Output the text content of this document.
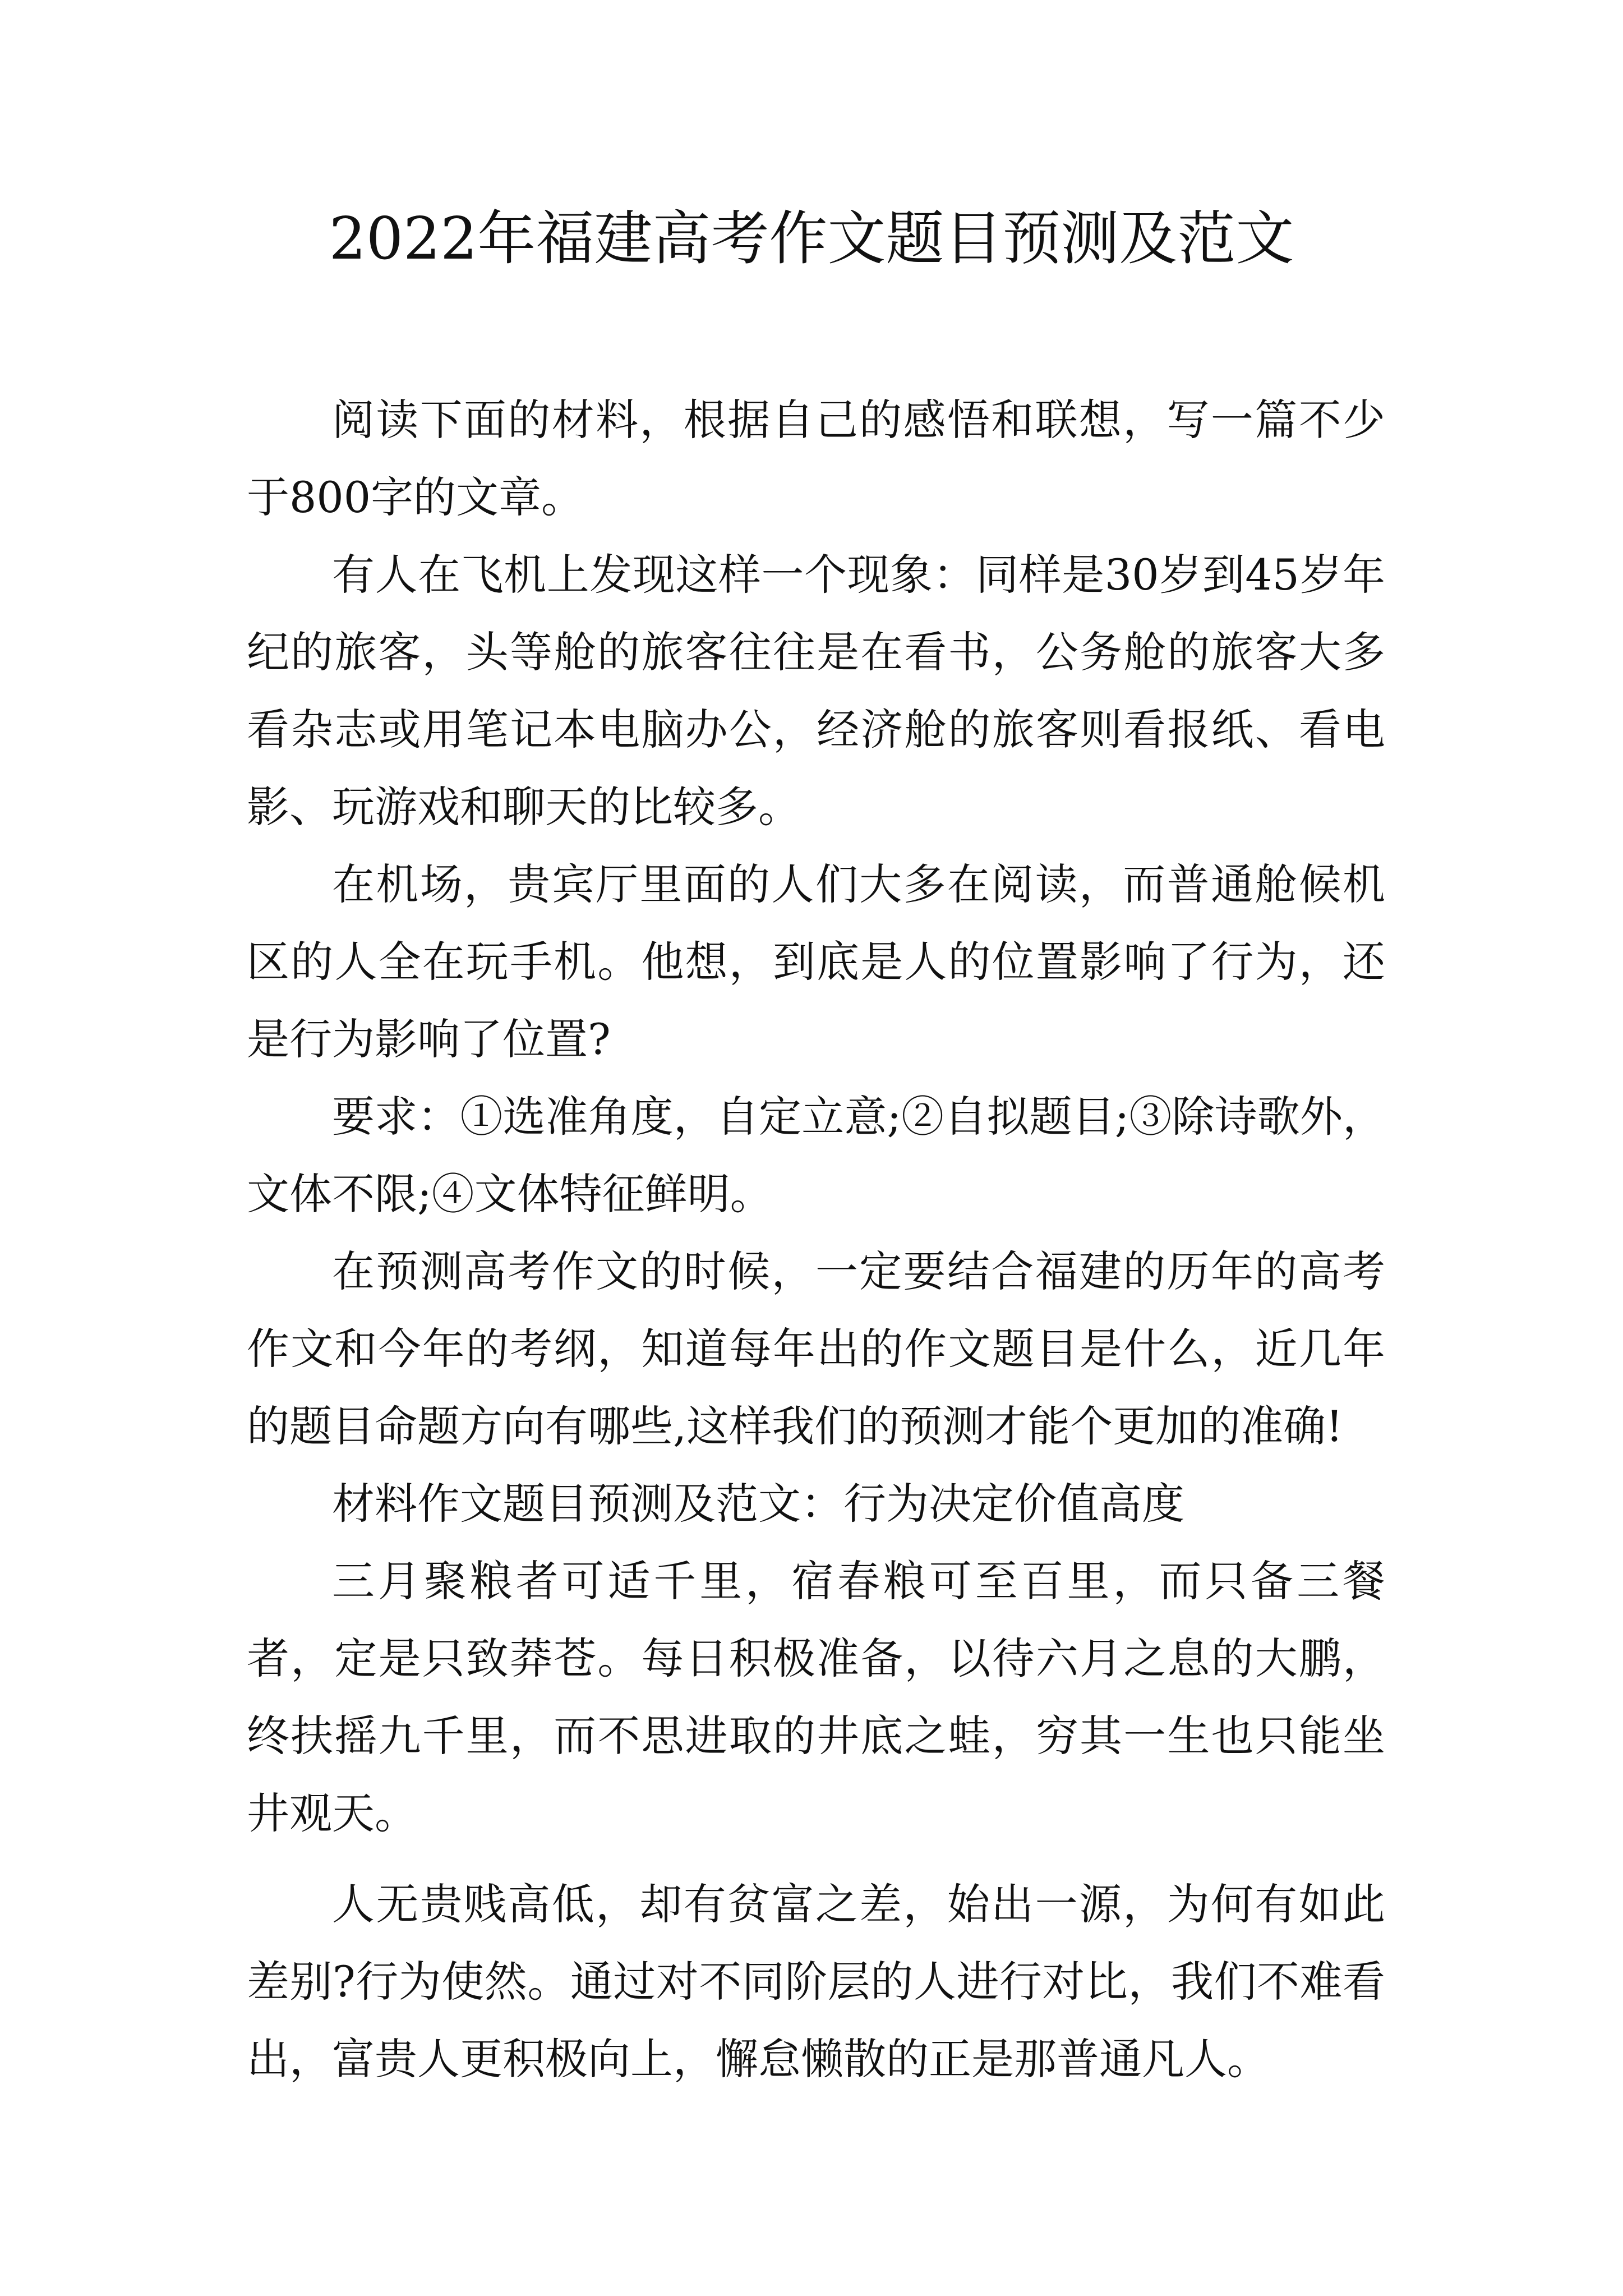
2022年福建高考作文题目预测及范文

阅读下面的材料，根据自己的感悟和联想，写一篇不少于800字的文章。

有人在飞机上发现这样一个现象：同样是30岁到45岁年纪的旅客，头等舱的旅客往往是在看书，公务舱的旅客大多看杂志或用笔记本电脑办公，经济舱的旅客则看报纸、看电影、玩游戏和聊天的比较多。

在机场，贵宾厅里面的人们大多在阅读，而普通舱候机区的人全在玩手机。他想，到底是人的位置影响了行为，还是行为影响了位置?

要求：①选准角度，自定立意;②自拟题目;③除诗歌外，文体不限;④文体特征鲜明。

在预测高考作文的时候，一定要结合福建的历年的高考作文和今年的考纲，知道每年出的作文题目是什么，近几年的题目命题方向有哪些,这样我们的预测才能个更加的准确!

材料作文题目预测及范文：行为决定价值高度

三月聚粮者可适千里，宿春粮可至百里，而只备三餐者，定是只致莽苍。每日积极准备，以待六月之息的大鹏，终扶摇九千里，而不思进取的井底之蛙，穷其一生也只能坐井观天。

人无贵贱高低，却有贫富之差，始出一源，为何有如此差别?行为使然。通过对不同阶层的人进行对比，我们不难看出，富贵人更积极向上，懈怠懒散的正是那普通凡人。
